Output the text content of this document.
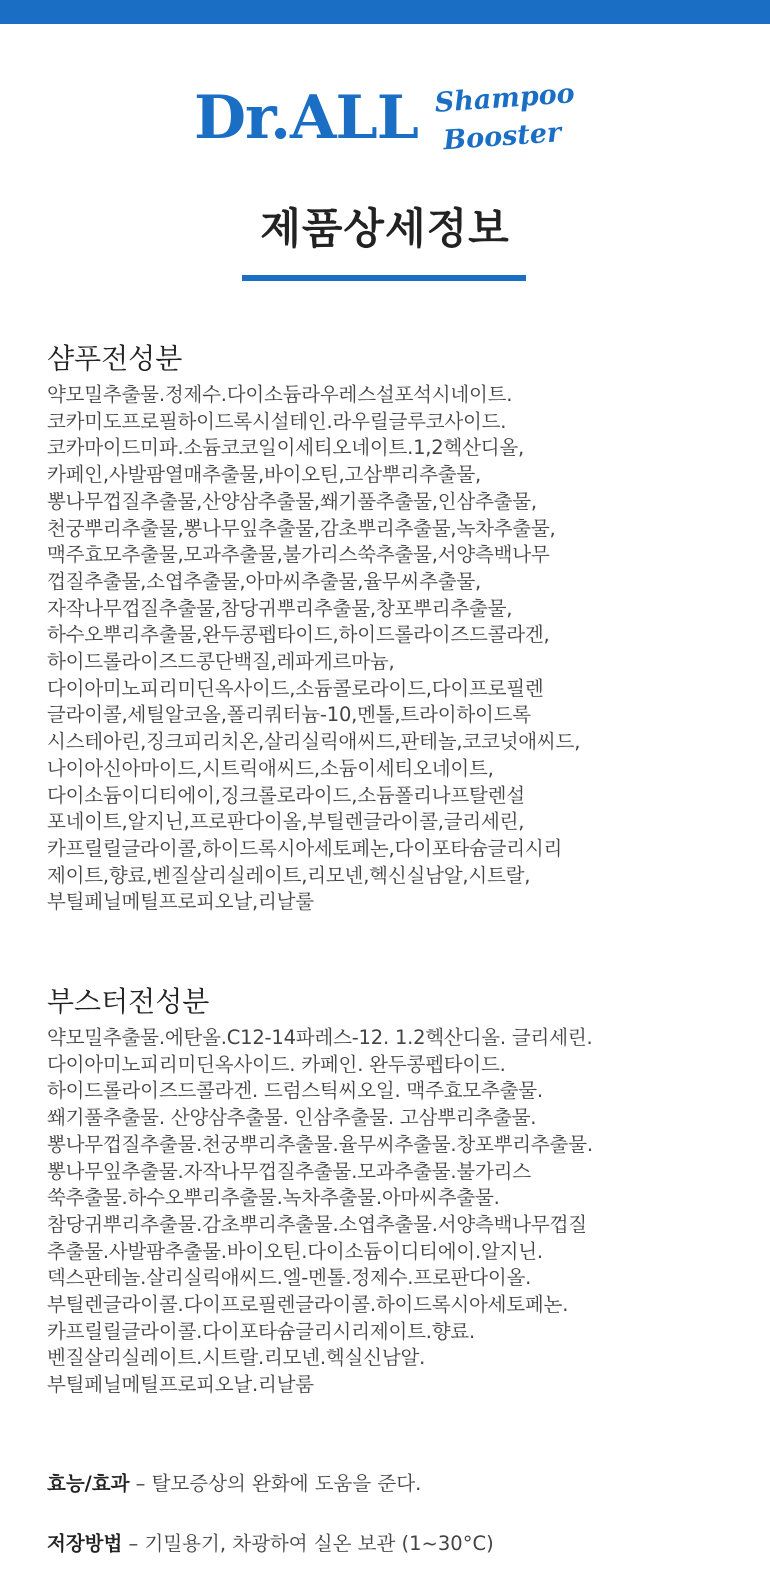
Dr.ALL Shampoo
Booster
제품상세정보
샴푸전성분
약모밀추출물.정제수.다이소듐라우레스설포석시네이트.
코카미도프로필하이드록시설테인.라우릴글루코사이드.
코카마이드미파.소듐코코일이세티오네이트.1,2헥산디올,
카페인,사발팜열매추출물,바이오틴,고삼뿌리추출물,
뽕나무껍질추출물,산양삼추출물,쐐기풀추출물,인삼추출물,
천궁뿌리추출물,뽕나무잎추출물,감초뿌리추출물,녹차추출물,
맥주효모추출물,모과추출물,불가리스쑥추출물,서양측백나무
껍질추출물,소엽추출물,아마씨추출물,율무씨추출물,
자작나무껍질추출물,참당귀뿌리추출물,창포뿌리추출물,
하수오뿌리추출물,완두콩펩타이드,하이드롤라이즈드콜라겐,
하이드롤라이즈드콩단백질,레파게르마늄,
다이아미노피리미딘옥사이드,소듐콜로라이드,다이프로필렌
글라이콜,세틸알코올,폴리쿼터늄-10,멘톨,트라이하이드록
시스테아린,징크피리치온,살리실릭애씨드,판테놀,코코넛애씨드,
나이아신아마이드,시트릭애씨드,소듐이세티오네이트,
다이소듐이디티에이,징크롤로라이드,소듐폴리나프탈렌설
포네이트,알지닌,프로판다이올,부틸렌글라이콜,글리세린,
카프릴릴글라이콜,하이드록시아세토페논,다이포타슘글리시리
제이트,향료,벤질살리실레이트,리모넨,헥신실남알,시트랄,
부틸페닐메틸프로피오날,리날룰
부스터전성분
약모밀추출물.에탄올.C12-14파레스-12. 1.2헥산디올. 글리세린.
다이아미노피리미딘옥사이드. 카페인. 완두콩펩타이드.
하이드롤라이즈드콜라겐. 드럼스틱씨오일. 맥주효모추출물.
쐐기풀추출물. 산양삼추출물. 인삼추출물. 고삼뿌리추출물.
뽕나무껍질추출물.천궁뿌리추출물.율무씨추출물.창포뿌리추출물.
뽕나무잎추출물.자작나무껍질추출물.모과추출물.불가리스
쑥추출물.하수오뿌리추출물.녹차추출물.아마씨추출물.
참당귀뿌리추출물.감초뿌리추출물.소엽추출물.서양측백나무껍질
추출물.사발팜추출물.바이오틴.다이소듐이디티에이.알지닌.
덱스판테놀.살리실릭애씨드.엘-멘톨.정제수.프로판다이올.
부틸렌글라이콜.다이프로필렌글라이콜.하이드록시아세토페논.
카프릴릴글라이콜.다이포타슘글리시리제이트.향료.
벤질살리실레이트.시트랄.리모넨.헥실신남알.
부틸페닐메틸프로피오날.리날룸
효능/효과 – 탈모증상의 완화에 도움을 준다.
저장방법 – 기밀용기, 차광하여 실온 보관 (1~30°C)
